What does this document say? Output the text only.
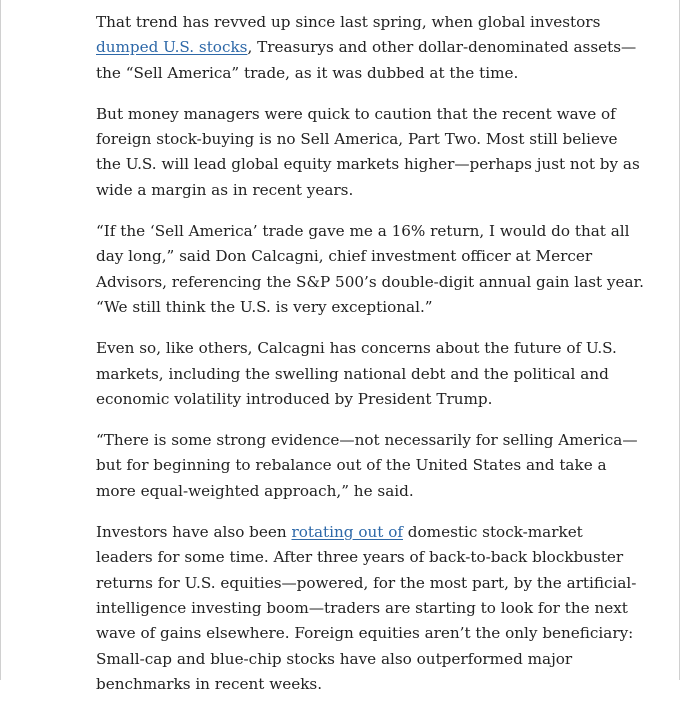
That trend has revved up since last spring, when global investors dumped U.S. stocks, Treasurys and other dollar-denominated assets—the “Sell America” trade, as it was dubbed at the time.

But money managers were quick to caution that the recent wave of foreign stock-buying is no Sell America, Part Two. Most still believe the U.S. will lead global equity markets higher—perhaps just not by as wide a margin as in recent years.

“If the ‘Sell America’ trade gave me a 16% return, I would do that all day long,” said Don Calcagni, chief investment officer at Mercer Advisors, referencing the S&P 500’s double-digit annual gain last year. “We still think the U.S. is very exceptional.”

Even so, like others, Calcagni has concerns about the future of U.S. markets, including the swelling national debt and the political and economic volatility introduced by President Trump.

“There is some strong evidence—not necessarily for selling America—but for beginning to rebalance out of the United States and take a more equal-weighted approach,” he said.

Investors have also been rotating out of domestic stock-market leaders for some time. After three years of back-to-back blockbuster returns for U.S. equities—powered, for the most part, by the artificial-intelligence investing boom—traders are starting to look for the next wave of gains elsewhere. Foreign equities aren’t the only beneficiary: Small-cap and blue-chip stocks have also outperformed major benchmarks in recent weeks.
